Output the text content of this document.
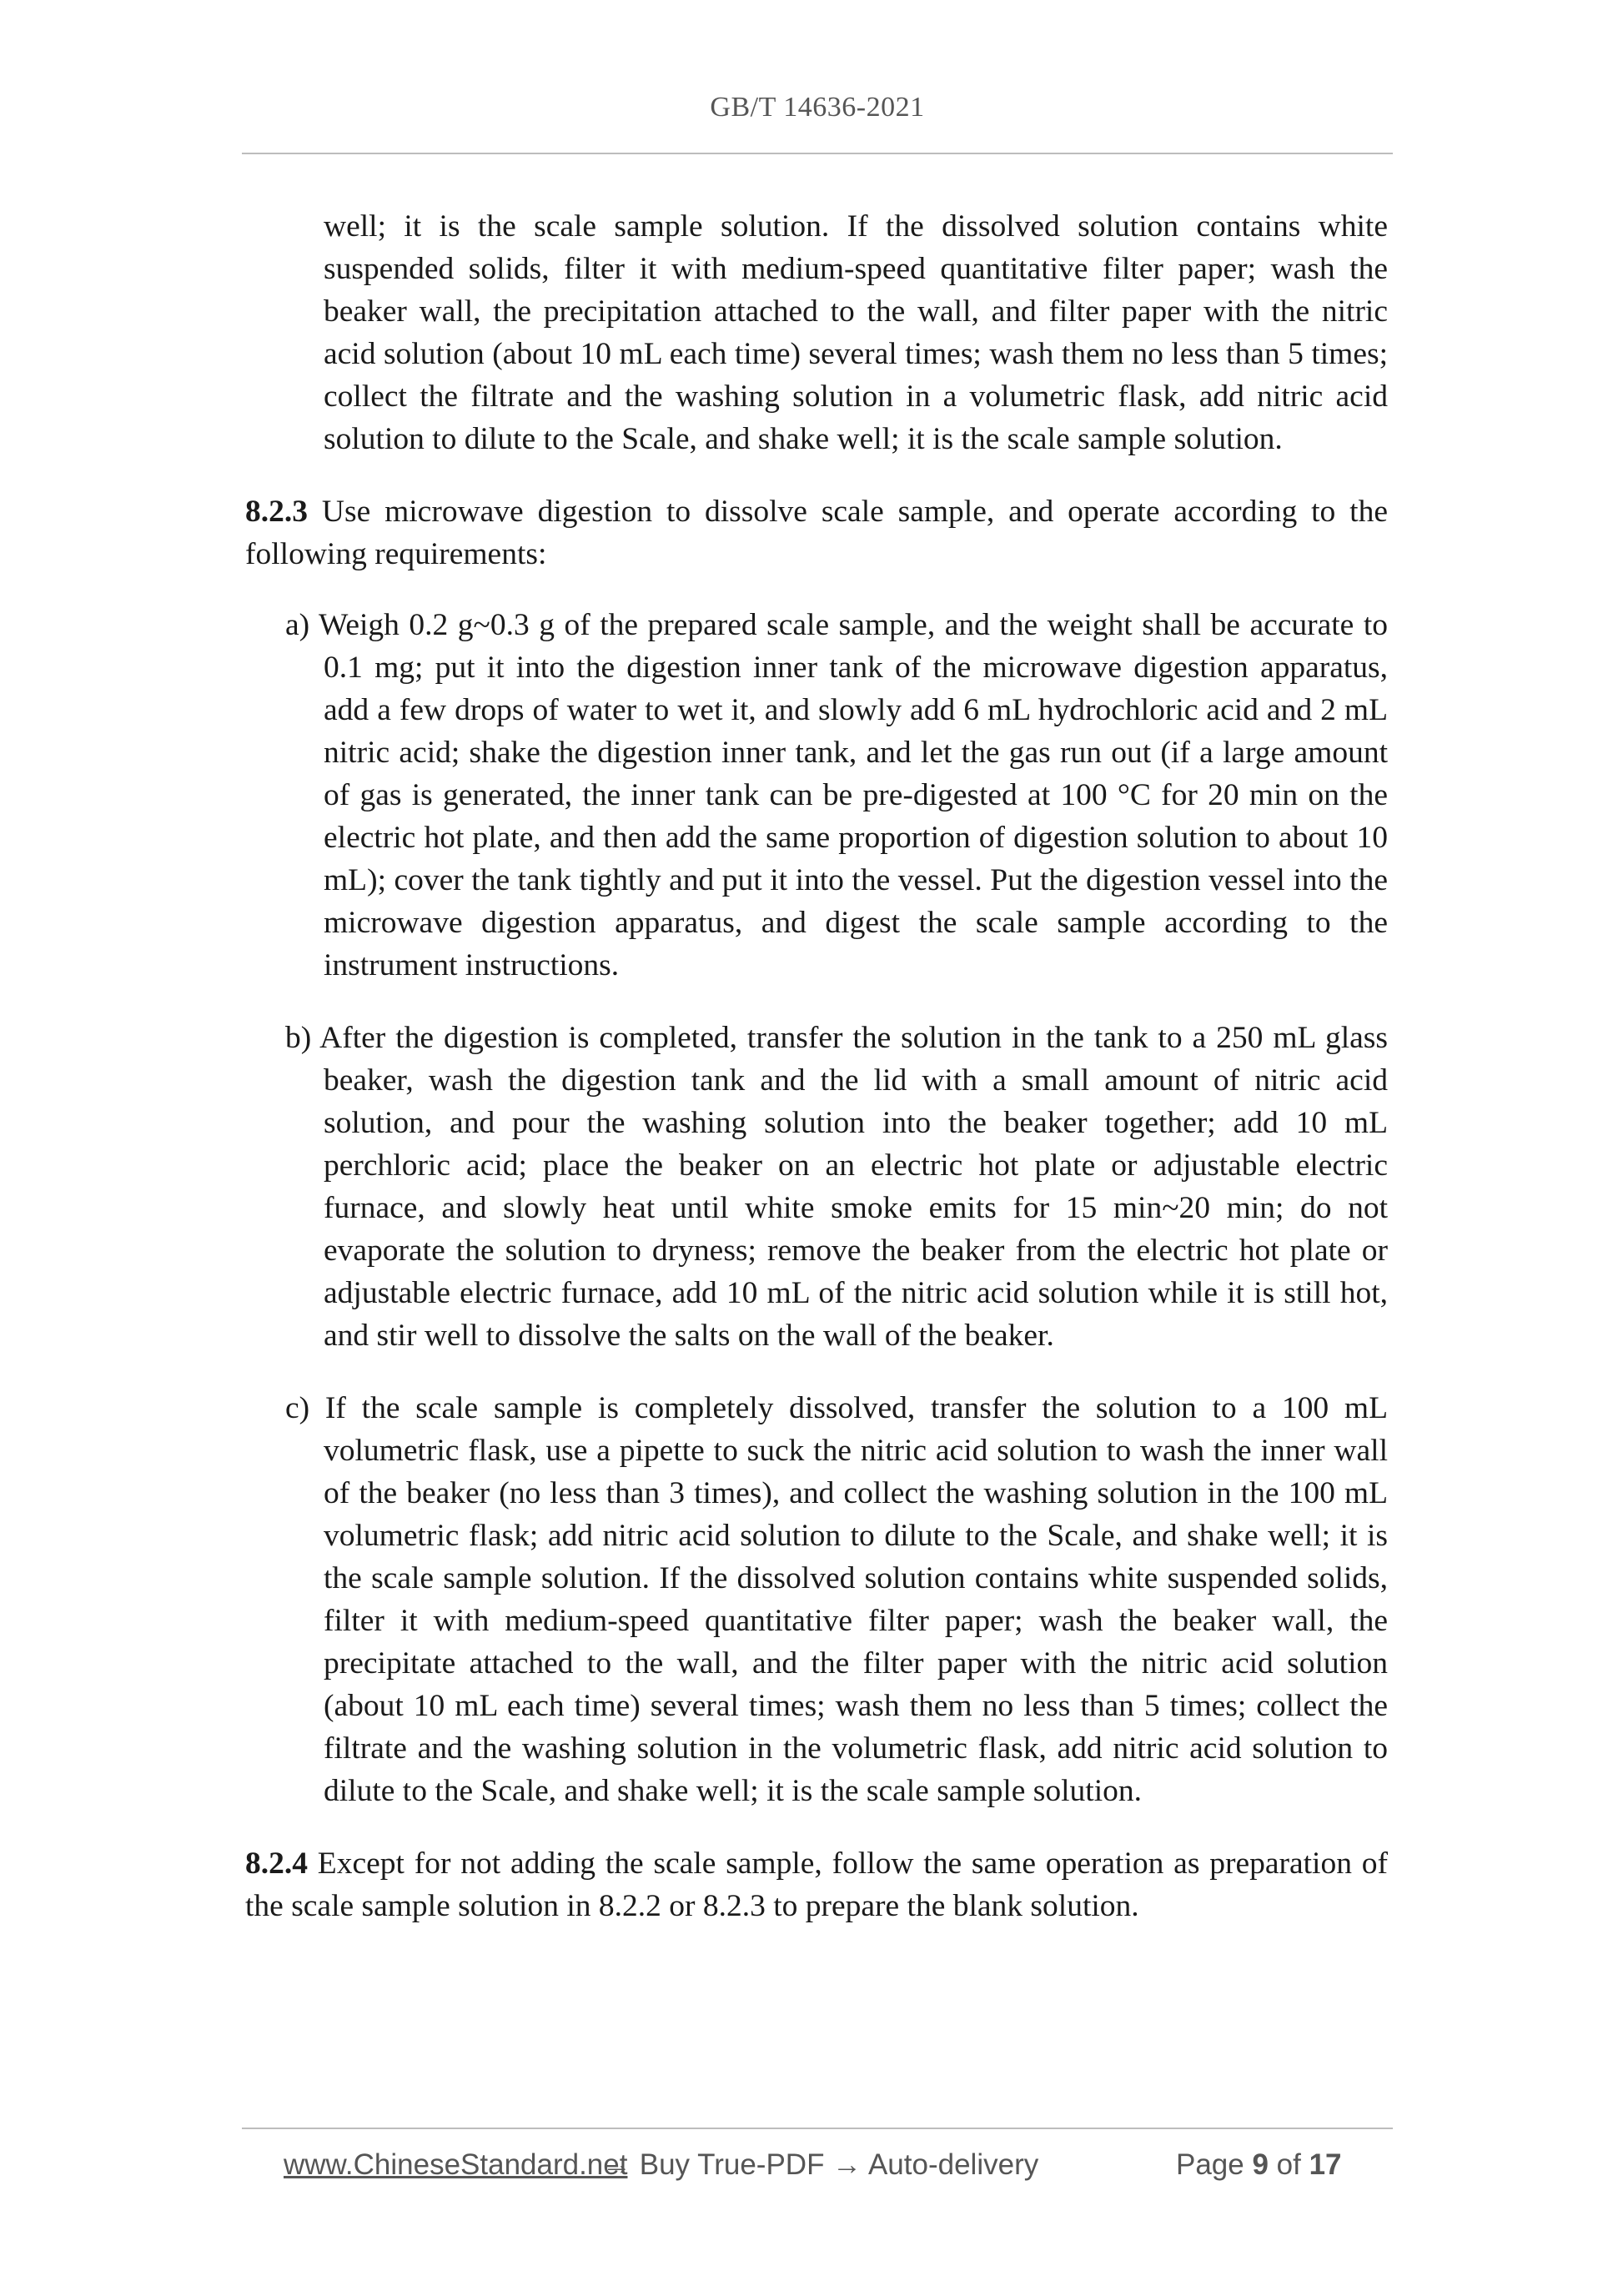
GB/T 14636-2021

well; it is the scale sample solution. If the dissolved solution contains white suspended solids, filter it with medium-speed quantitative filter paper; wash the beaker wall, the precipitation attached to the wall, and filter paper with the nitric acid solution (about 10 mL each time) several times; wash them no less than 5 times; collect the filtrate and the washing solution in a volumetric flask, add nitric acid solution to dilute to the Scale, and shake well; it is the scale sample solution.

8.2.3 Use microwave digestion to dissolve scale sample, and operate according to the following requirements:

a) Weigh 0.2 g~0.3 g of the prepared scale sample, and the weight shall be accurate to 0.1 mg; put it into the digestion inner tank of the microwave digestion apparatus, add a few drops of water to wet it, and slowly add 6 mL hydrochloric acid and 2 mL nitric acid; shake the digestion inner tank, and let the gas run out (if a large amount of gas is generated, the inner tank can be pre-digested at 100 °C for 20 min on the electric hot plate, and then add the same proportion of digestion solution to about 10 mL); cover the tank tightly and put it into the vessel. Put the digestion vessel into the microwave digestion apparatus, and digest the scale sample according to the instrument instructions.

b) After the digestion is completed, transfer the solution in the tank to a 250 mL glass beaker, wash the digestion tank and the lid with a small amount of nitric acid solution, and pour the washing solution into the beaker together; add 10 mL perchloric acid; place the beaker on an electric hot plate or adjustable electric furnace, and slowly heat until white smoke emits for 15 min~20 min; do not evaporate the solution to dryness; remove the beaker from the electric hot plate or adjustable electric furnace, add 10 mL of the nitric acid solution while it is still hot, and stir well to dissolve the salts on the wall of the beaker.

c) If the scale sample is completely dissolved, transfer the solution to a 100 mL volumetric flask, use a pipette to suck the nitric acid solution to wash the inner wall of the beaker (no less than 3 times), and collect the washing solution in the 100 mL volumetric flask; add nitric acid solution to dilute to the Scale, and shake well; it is the scale sample solution. If the dissolved solution contains white suspended solids, filter it with medium-speed quantitative filter paper; wash the beaker wall, the precipitate attached to the wall, and the filter paper with the nitric acid solution (about 10 mL each time) several times; wash them no less than 5 times; collect the filtrate and the washing solution in the volumetric flask, add nitric acid solution to dilute to the Scale, and shake well; it is the scale sample solution.

8.2.4 Except for not adding the scale sample, follow the same operation as preparation of the scale sample solution in 8.2.2 or 8.2.3 to prepare the blank solution.

www.ChineseStandard.net
→ Buy True-PDF → Auto-delivery	Page 9 of 17
